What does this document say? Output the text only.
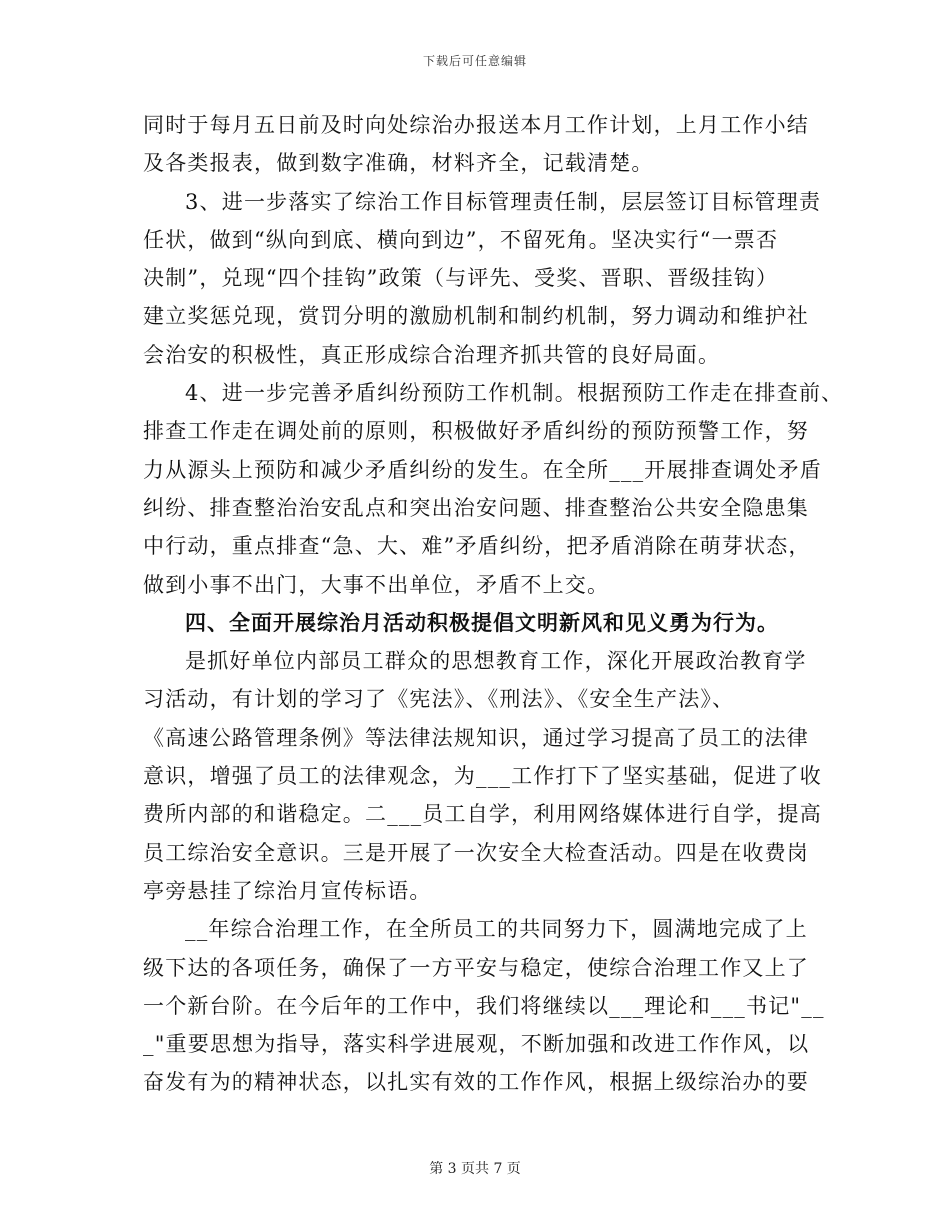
下载后可任意编辑
同时于每月五日前及时向处综治办报送本月工作计划，上月工作小结
及各类报表，做到数字准确，材料齐全，记载清楚。
3、进一步落实了综治工作目标管理责任制，层层签订目标管理责
任状，做到“纵向到底、横向到边”，不留死角。坚决实行“一票否
决制”，兑现“四个挂钩”政策（与评先、受奖、晋职、晋级挂钩）
建立奖惩兑现，赏罚分明的激励机制和制约机制，努力调动和维护社
会治安的积极性，真正形成综合治理齐抓共管的良好局面。
4、进一步完善矛盾纠纷预防工作机制。根据预防工作走在排查前、
排查工作走在调处前的原则，积极做好矛盾纠纷的预防预警工作，努
力从源头上预防和减少矛盾纠纷的发生。在全所___开展排查调处矛盾
纠纷、排查整治治安乱点和突出治安问题、排查整治公共安全隐患集
中行动，重点排查“急、大、难”矛盾纠纷，把矛盾消除在萌芽状态，
做到小事不出门，大事不出单位，矛盾不上交。
四、全面开展综治月活动积极提倡文明新风和见义勇为行为。
是抓好单位内部员工群众的思想教育工作，深化开展政治教育学
习活动，有计划的学习了《宪法》、《刑法》、《安全生产法》、
《高速公路管理条例》等法律法规知识，通过学习提高了员工的法律
意识，增强了员工的法律观念，为___工作打下了坚实基础，促进了收
费所内部的和谐稳定。二___员工自学，利用网络媒体进行自学，提高
员工综治安全意识。三是开展了一次安全大检查活动。四是在收费岗
亭旁悬挂了综治月宣传标语。
__年综合治理工作，在全所员工的共同努力下，圆满地完成了上
级下达的各项任务，确保了一方平安与稳定，使综合治理工作又上了
一个新台阶。在今后年的工作中，我们将继续以___理论和___书记"__
_"重要思想为指导，落实科学进展观，不断加强和改进工作作风，以
奋发有为的精神状态，以扎实有效的工作作风，根据上级综治办的要
第 3 页共 7 页
